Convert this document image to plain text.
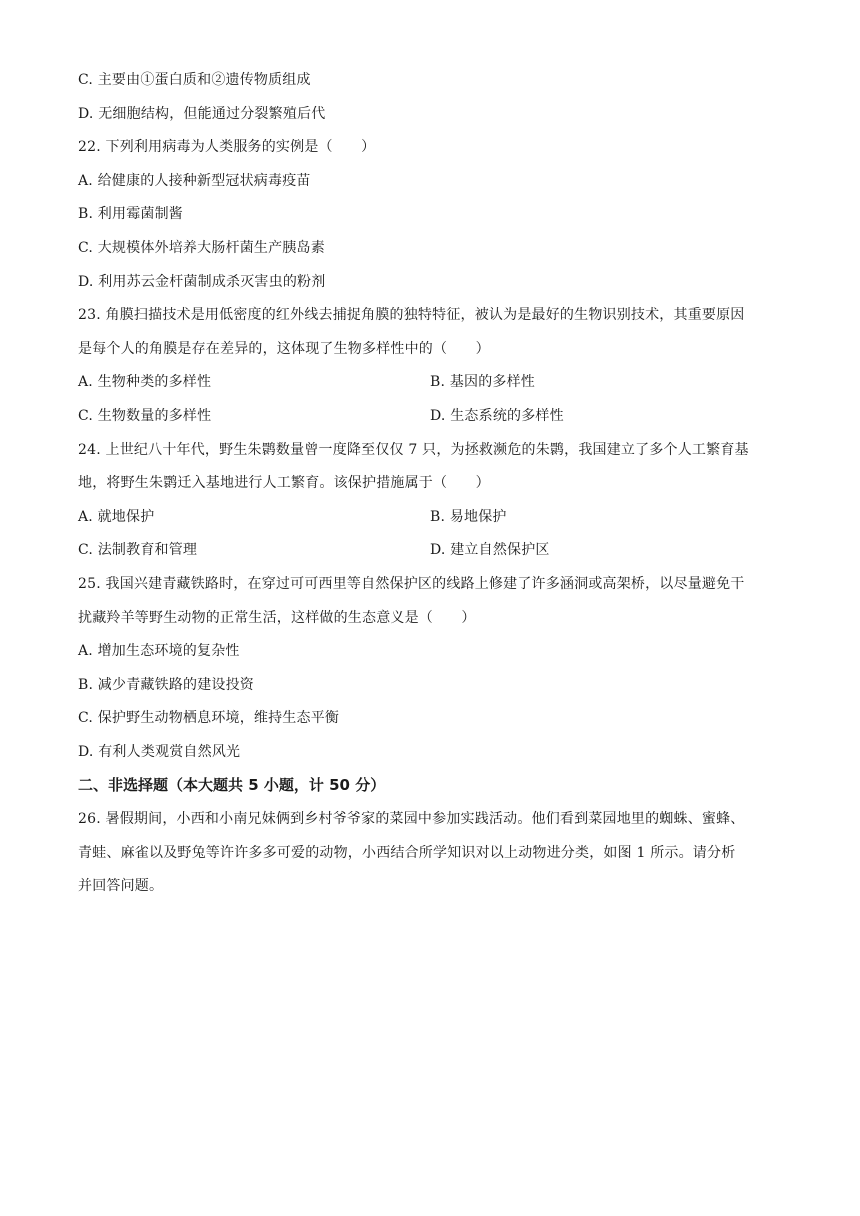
C. 主要由①蛋白质和②遗传物质组成
D. 无细胞结构，但能通过分裂繁殖后代
22. 下列利用病毒为人类服务的实例是（　　）
A. 给健康的人接种新型冠状病毒疫苗
B. 利用霉菌制酱
C. 大规模体外培养大肠杆菌生产胰岛素
D. 利用苏云金杆菌制成杀灭害虫的粉剂
23. 角膜扫描技术是用低密度的红外线去捕捉角膜的独特特征，被认为是最好的生物识别技术，其重要原因
是每个人的角膜是存在差异的，这体现了生物多样性中的（　　）
A. 生物种类的多样性	B. 基因的多样性
C. 生物数量的多样性	D. 生态系统的多样性
24. 上世纪八十年代，野生朱鹮数量曾一度降至仅仅 7 只，为拯救濒危的朱鹮，我国建立了多个人工繁育基
地，将野生朱鹮迁入基地进行人工繁育。该保护措施属于（　　）
A. 就地保护	B. 易地保护
C. 法制教育和管理	D. 建立自然保护区
25. 我国兴建青藏铁路时，在穿过可可西里等自然保护区的线路上修建了许多涵洞或高架桥，以尽量避免干
扰藏羚羊等野生动物的正常生活，这样做的生态意义是（　　）
A. 增加生态环境的复杂性
B. 减少青藏铁路的建设投资
C. 保护野生动物栖息环境，维持生态平衡
D. 有利人类观赏自然风光
二、非选择题（本大题共 5 小题，计 50 分）
26. 暑假期间，小西和小南兄妹俩到乡村爷爷家的菜园中参加实践活动。他们看到菜园地里的蜘蛛、蜜蜂、
青蛙、麻雀以及野兔等许许多多可爱的动物，小西结合所学知识对以上动物进分类，如图 1 所示。请分析
并回答问题。
